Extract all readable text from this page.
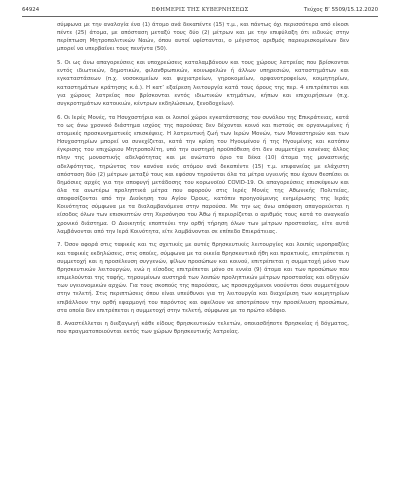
64924	ΕΦΗΜΕΡΙΣ ΤΗΣ ΚΥΒΕΡΝΗΣΕΩΣ	Τεύχος Β’ 5509/15.12.2020

σύμφωνα με την αναλογία ένα (1) άτομο ανά δεκαπέντε (15) τ.μ., και πάντως όχι περισσότερα από είκοσι πέντε (25) άτομα, με απόσταση μεταξύ τους δύο (2) μέτρων και με την επιφύλαξη ότι ειδικώς στην περίπτωση Μητροπολιτικών Ναών, όπου αυτοί υφίστανται, ο μέγιστος αριθμός παρευρισκομένων δεν μπορεί να υπερβαίνει τους πενήντα (50).

5. Οι ως άνω απαγορεύσεις και υποχρεώσεις καταλαμβάνουν και τους χώρους λατρείας που βρίσκονται εντός ιδιωτικών, δημοτικών, φιλανθρωπικών, κοινωφελών ή άλλων υπηρεσιών, καταστημάτων και εγκαταστάσεων (π.χ. νοσοκομείων και ψυχιατρείων, γηροκομείων, ορφανοτροφείων, κοιμητηρίων, καταστημάτων κράτησης κ.ά.). Η κατ’ εξαίρεση λειτουργία κατά τους όρους της περ. 4 επιτρέπεται και για χώρους λατρείας που βρίσκονται εντός ιδιωτικών κτημάτων, κήπων και επιχειρήσεων (π.χ. συγκροτημάτων κατοικιών, κέντρων εκδηλώσεων, ξενοδοχείων).

6. Οι Ιερές Μονές, τα Ησυχαστήρια και οι λοιποί χώροι εγκατάστασης του συνόλου της Επικράτειας, κατά το ως άνω χρονικό διάστημα ισχύος της παρούσας δεν δέχονται κοινό και πιστούς σε οργανωμένες ή ατομικές προσκυνηματικές επισκέψεις. Η λατρευτική ζωή των Ιερών Μονών, των Μοναστηριών και των Ησυχαστηρίων μπορεί να συνεχίζεται, κατά την κρίση του Ηγουμένου ή της Ηγουμένης και κατόπιν έγκρισης του επιχώριου Μητροπολίτη, υπό την αυστηρή προϋπόθεση ότι δεν συμμετέχει κανένας άλλος πλην της μοναστικής αδελφότητας και με ανώτατο όριο τα δέκα (10) άτομα της μοναστικής αδελφότητας, τηρώντας τον κανόνα ενός ατόμου ανά δεκαπέντε (15) τ.μ. επιφανείας με ελάχιστη απόσταση δύο (2) μέτρων μεταξύ τους και εφόσον τηρούνται όλα τα μέτρα υγιεινής που έχουν θεσπίσει οι δημόσιες αρχές για την αποφυγή μετάδοσης του κορωνοϊού COVID-19. Οι απαγορεύσεις επισκέψεων και όλα τα ανωτέρω προληπτικά μέτρα που αφορούν στις Ιερές Μονές της Αθωνικής Πολιτείας, αποφασίζονται από την Διοίκηση του Αγίου Όρους, κατόπιν προηγούμενης ενημέρωσης της Ιεράς Κοινότητας σύμφωνα με τα διαλαμβανόμενα στην παρούσα. Με την ως άνω απόφαση απαγορεύεται η είσοδος όλων των επισκεπτών στη Χερσόνησο του Άθω ή περιορίζεται ο αριθμός τους κατά το αναγκαίο χρονικό διάστημα. Ο Διοικητής εποπτεύει την ορθή τήρηση όλων των μέτρων προστασίας, είτε αυτά λαμβάνονται από την Ιερά Κοινότητα, είτε λαμβάνονται σε επίπεδο Επικράτειας.

7. Όσον αφορά στις ταφικές και τις σχετικές με αυτές θρησκευτικές λειτουργίες και λοιπές ιεροπραξίες και ταφικές εκδηλώσεις, στις οποίες, σύμφωνα με τα οικεία θρησκευτικά ήθη και πρακτικές, επιτρέπεται η συμμετοχή και η προσέλευση συγγενών, φίλων προσώπων και κοινού, επιτρέπεται η συμμετοχή μόνο των θρησκευτικών λειτουργών, ενώ η είσοδος επιτρέπεται μόνο σε εννέα (9) άτομα και των προσώπων που επιμελούνται της ταφής, τηρουμένων αυστηρά των λοιπών προληπτικών μέτρων προστασίας και οδηγιών των υγειονομικών αρχών. Για τους σκοπούς της παρούσας, ως προσερχόμενοι νοούνται όσοι συμμετέχουν στην τελετή. Στις περιπτώσεις όπου είναι υπεύθυνοι για τη λειτουργία και διαχείριση των κοιμητηρίων επιβάλλουν την ορθή εφαρμογή του παρόντος και οφείλουν να αποτρέπουν την προσέλευση προσώπων, στα οποία δεν επιτρέπεται η συμμετοχή στην τελετή, σύμφωνα με το πρώτο εδάφιο.

8. Αναστέλλεται η διεξαγωγή κάθε είδους θρησκευτικών τελετών, οποιασδήποτε θρησκείας ή δόγματος, που πραγματοποιούνται εκτός των χώρων θρησκευτικής λατρείας.
